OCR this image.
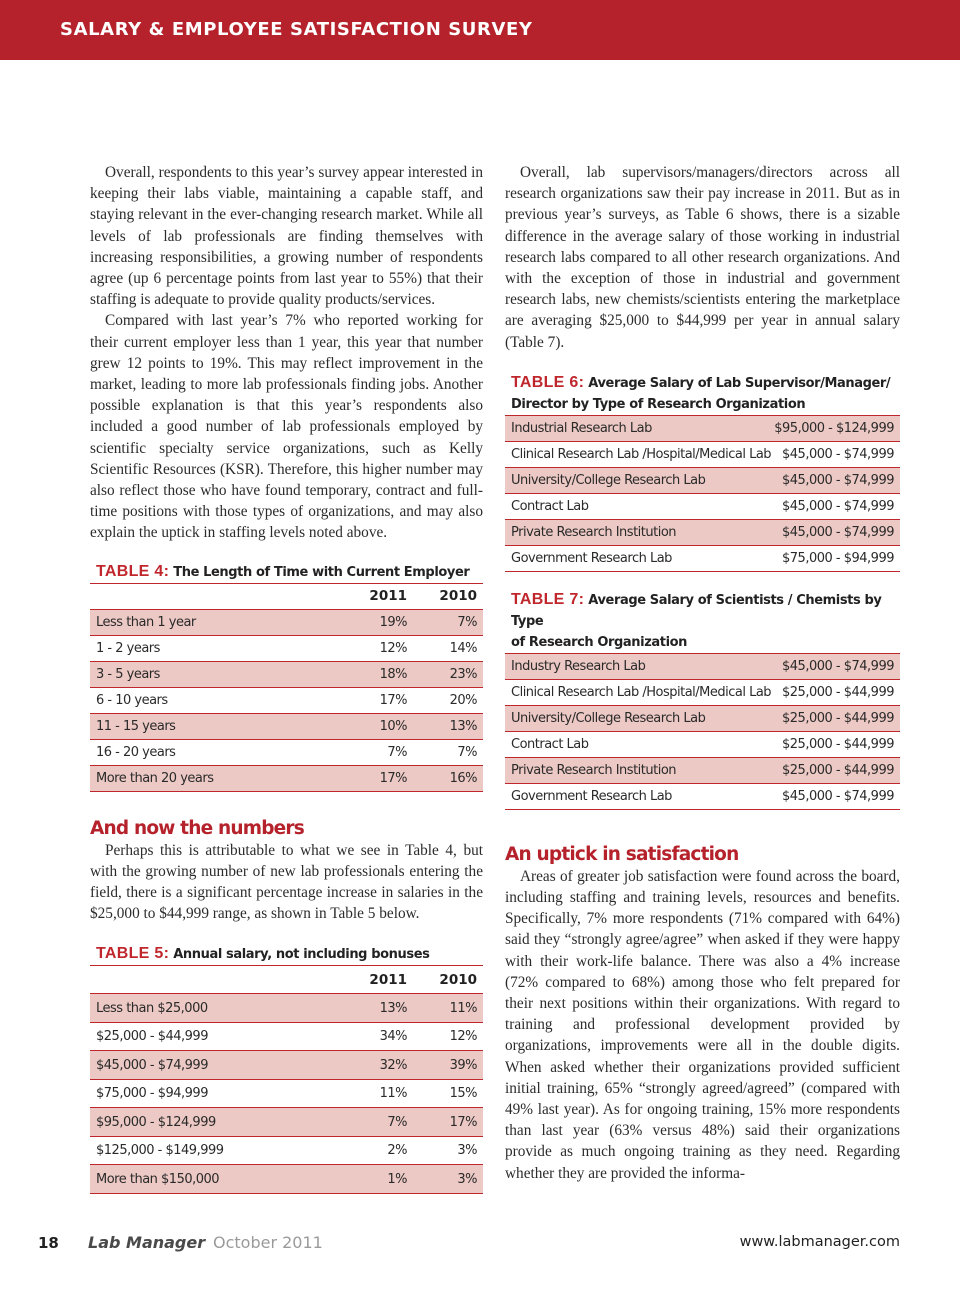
SALARY & EMPLOYEE SATISFACTION SURVEY

Overall, respondents to this year’s survey appear interested in keeping their labs viable, maintaining a capable staff, and staying relevant in the ever-changing research market. While all levels of lab professionals are finding themselves with increasing responsibilities, a growing number of respondents agree (up 6 percentage points from last year to 55%) that their staffing is adequate to provide quality products/services.

Compared with last year’s 7% who reported working for their current employer less than 1 year, this year that number grew 12 points to 19%. This may reflect improvement in the market, leading to more lab professionals finding jobs. Another possible explanation is that this year’s respondents also included a good number of lab professionals employed by scientific specialty service organizations, such as Kelly Scientific Resources (KSR). Therefore, this higher number may also reflect those who have found temporary, contract and full-time positions with those types of organizations, and may also explain the uptick in staffing levels noted above.

TABLE 4: The Length of Time with Current Employer
2011	2010
Less than 1 year	19%	7%
1 - 2 years	12%	14%
3 - 5 years	18%	23%
6 - 10 years	17%	20%
11 - 15 years	10%	13%
16 - 20 years	7%	7%
More than 20 years	17%	16%
And now the numbers

Perhaps this is attributable to what we see in Table 4, but with the growing number of new lab professionals entering the field, there is a significant percentage increase in salaries in the $25,000 to $44,999 range, as shown in Table 5 below.

TABLE 5: Annual salary, not including bonuses
2011	2010
Less than $25,000	13%	11%
$25,000 - $44,999	34%	12%
$45,000 - $74,999	32%	39%
$75,000 - $94,999	11%	15%
$95,000 - $124,999	7%	17%
$125,000 - $149,999	2%	3%
More than $150,000	1%	3%

Overall, lab supervisors/managers/directors across all research organizations saw their pay increase in 2011. But as in previous year’s surveys, as Table 6 shows, there is a sizable difference in the average salary of those working in industrial research labs compared to all other research organizations. And with the exception of those in industrial and government research labs, new chemists/scientists entering the marketplace are averaging $25,000 to $44,999 per year in annual salary (Table 7).

TABLE 6: Average Salary of Lab Supervisor/Manager/
Director by Type of Research Organization
Industrial Research Lab	$95,000 - $124,999
Clinical Research Lab /Hospital/Medical Lab $45,000 - $74,999
University/College Research Lab	$45,000 - $74,999
Contract Lab	$45,000 - $74,999
Private Research Institution	$45,000 - $74,999
Government Research Lab	$75,000 - $94,999
TABLE 7: Average Salary of Scientists / Chemists by Type
of Research Organization
Industry Research Lab	$45,000 - $74,999
Clinical Research Lab /Hospital/Medical Lab $25,000 - $44,999
University/College Research Lab	$25,000 - $44,999
Contract Lab	$25,000 - $44,999
Private Research Institution	$25,000 - $44,999
Government Research Lab	$45,000 - $74,999
An uptick in satisfaction

Areas of greater job satisfaction were found across the board, including staffing and training levels, resources and benefits. Specifically, 7% more respondents (71% compared with 64%) said they “strongly agree/agree” when asked if they were happy with their work-life balance. There was also a 4% increase (72% compared to 68%) among those who felt prepared for their next positions within their organizations. With regard to training and professional development provided by organizations, improvements were all in the double digits. When asked whether their organizations provided sufficient initial training, 65% “strongly agreed/agreed” (compared with 49% last year). As for ongoing training, 15% more respondents than last year (63% versus 48%) said their organizations provide as much ongoing training as they need. Regarding whether they are provided the informa-

18 Lab Manager October 2011	www.labmanager.com
